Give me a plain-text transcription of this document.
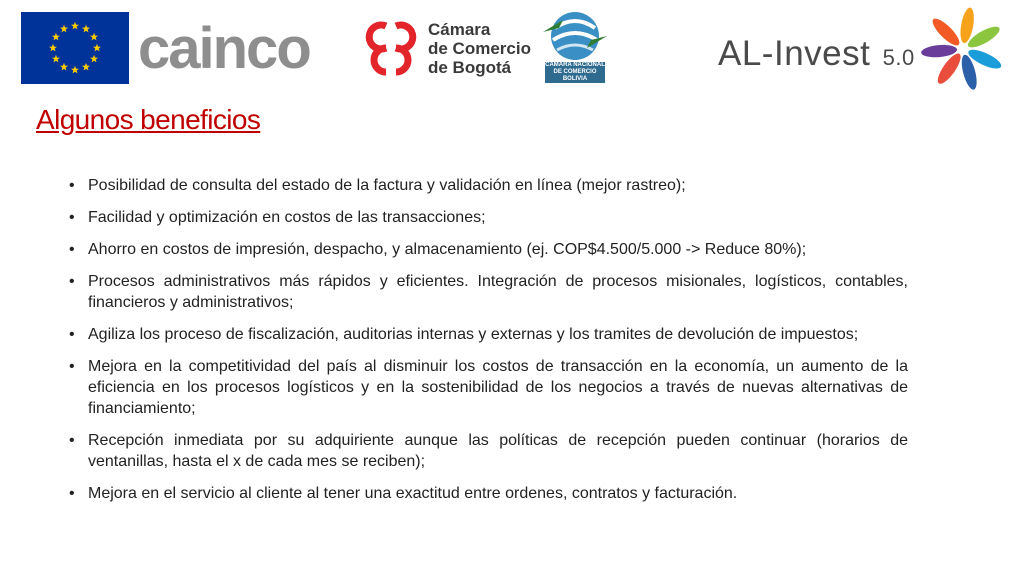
cainco	Cámara
de Comercio
de Bogotá	CAMARA NACIONAL
DE COMERCIO
BOLIVIA
AL-Invest 5.0
Algunos beneficios
• Posibilidad de consulta del estado de la factura y validación en línea (mejor rastreo);
• Facilidad y optimización en costos de las transacciones;
• Ahorro en costos de impresión, despacho, y almacenamiento (ej. COP$4.500/5.000 -> Reduce 80%);
• Procesos administrativos más rápidos y eficientes. Integración de procesos misionales, logísticos, contables, financieros y administrativos;
• Agiliza los proceso de fiscalización, auditorias internas y externas y los tramites de devolución de impuestos;
• Mejora en la competitividad del país al disminuir los costos de transacción en la economía, un aumento de la eficiencia en los procesos logísticos y en la sostenibilidad de los negocios a través de nuevas alternativas de financiamiento;
• Recepción inmediata por su adquiriente aunque las políticas de recepción pueden continuar (horarios de ventanillas, hasta el x de cada mes se reciben);
• Mejora en el servicio al cliente al tener una exactitud entre ordenes, contratos y facturación.
